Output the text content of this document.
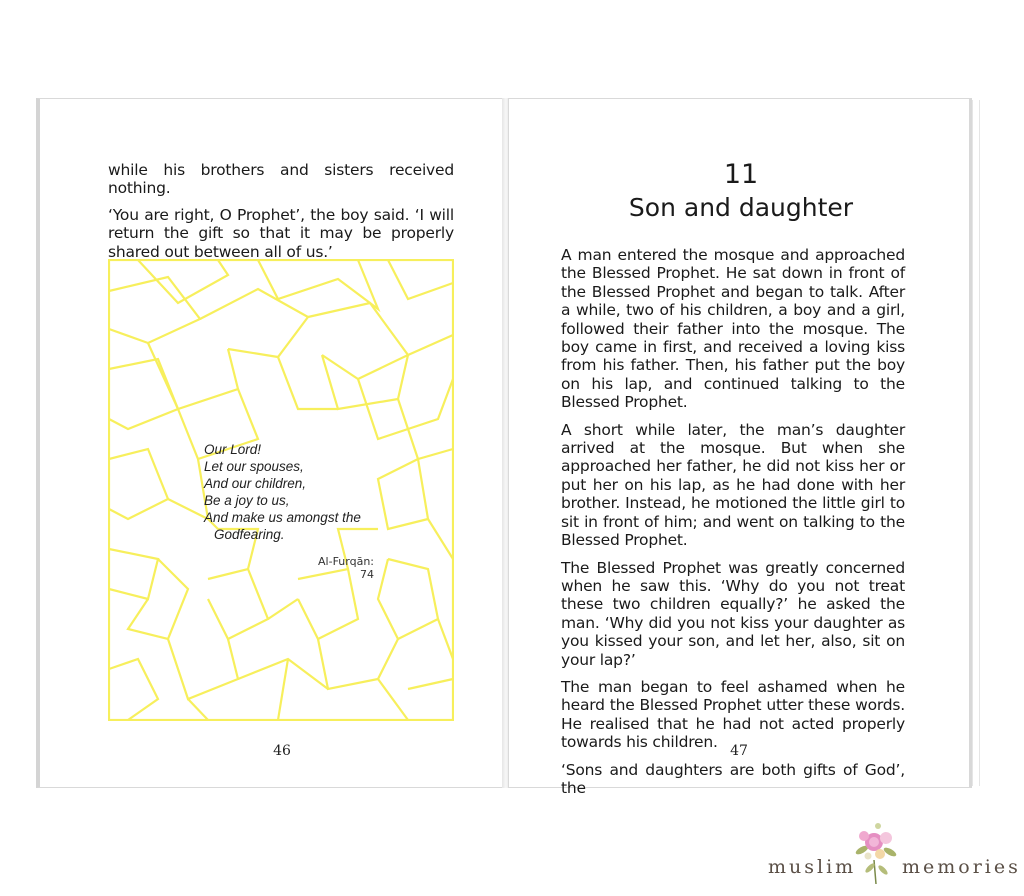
while his brothers and sisters received nothing.

‘You are right, O Prophet’, the boy said. ‘I will return the gift so that it may be properly shared out between all of us.’

Our Lord!
Let our spouses,
And our children,
Be a joy to us,
And make us amongst the
Godfearing.
Al-Furqān: 74
46
11
Son and daughter

A man entered the mosque and approached the Blessed Prophet. He sat down in front of the Blessed Prophet and began to talk. After a while, two of his children, a boy and a girl, followed their father into the mosque. The boy came in first, and received a loving kiss from his father. Then, his father put the boy on his lap, and continued talking to the Blessed Prophet.

A short while later, the man’s daughter arrived at the mosque. But when she approached her father, he did not kiss her or put her on his lap, as he had done with her brother. Instead, he motioned the little girl to sit in front of him; and went on talking to the Blessed Prophet.

The Blessed Prophet was greatly concerned when he saw this. ‘Why do you not treat these two children equally?’ he asked the man. ‘Why did you not kiss your daughter as you kissed your son, and let her, also, sit on your lap?’

The man began to feel ashamed when he heard the Blessed Prophet utter these words. He realised that he had not acted properly towards his children.

‘Sons and daughters are both gifts of God’, the

47
muslim memories
